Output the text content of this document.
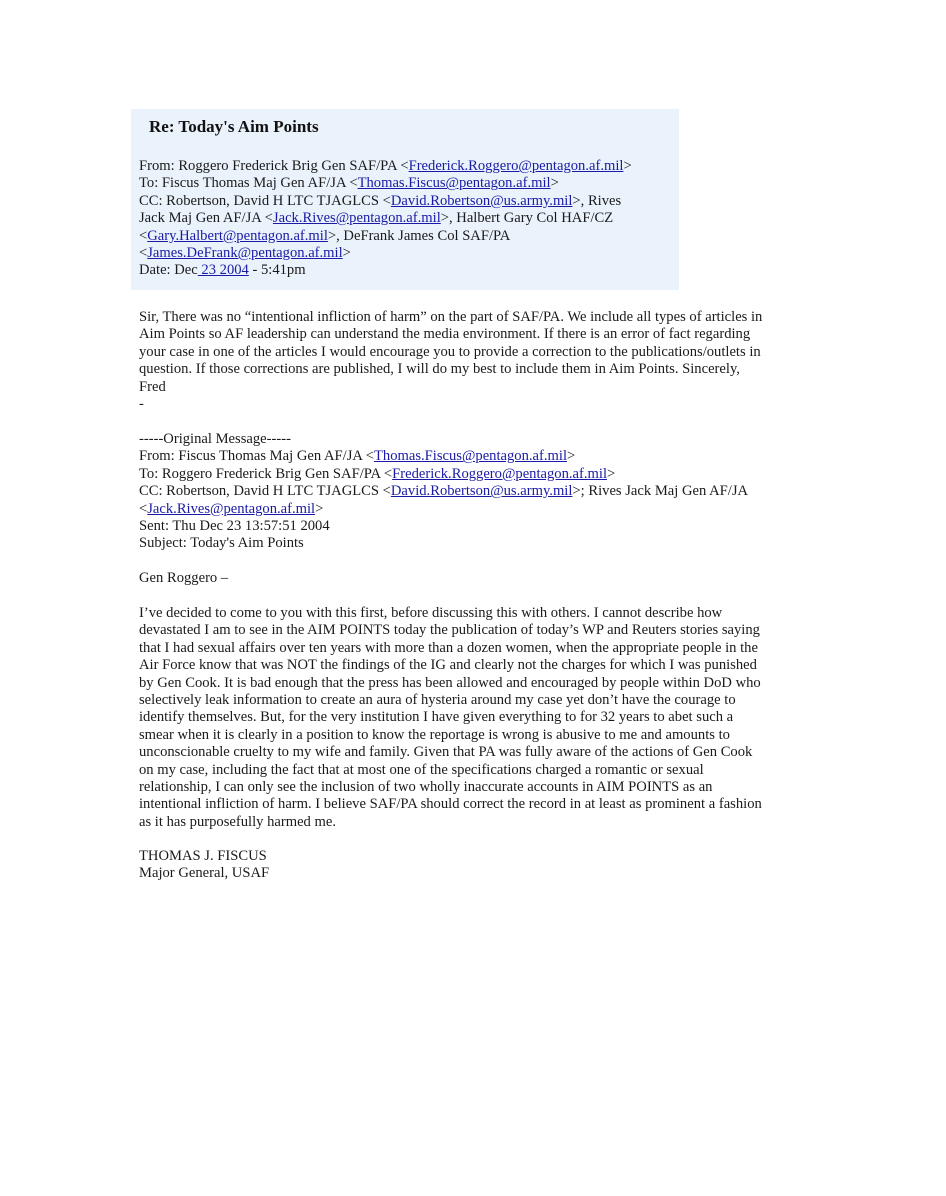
Re: Today's Aim Points
From: Roggero Frederick Brig Gen SAF/PA <Frederick.Roggero@pentagon.af.mil>
To: Fiscus Thomas Maj Gen AF/JA <Thomas.Fiscus@pentagon.af.mil>
CC: Robertson, David H LTC TJAGLCS <David.Robertson@us.army.mil>, Rives
Jack Maj Gen AF/JA <Jack.Rives@pentagon.af.mil>, Halbert Gary Col HAF/CZ
<Gary.Halbert@pentagon.af.mil>, DeFrank James Col SAF/PA
<James.DeFrank@pentagon.af.mil>
Date: Dec 23 2004 - 5:41pm
Sir, There was no “intentional infliction of harm” on the part of SAF/PA. We include all types of articles in
Aim Points so AF leadership can understand the media environment. If there is an error of fact regarding
your case in one of the articles I would encourage you to provide a correction to the publications/outlets in
question. If those corrections are published, I will do my best to include them in Aim Points. Sincerely,
Fred
-
-----Original Message-----
From: Fiscus Thomas Maj Gen AF/JA <Thomas.Fiscus@pentagon.af.mil>
To: Roggero Frederick Brig Gen SAF/PA <Frederick.Roggero@pentagon.af.mil>
CC: Robertson, David H LTC TJAGLCS <David.Robertson@us.army.mil>; Rives Jack Maj Gen AF/JA
<Jack.Rives@pentagon.af.mil>
Sent: Thu Dec 23 13:57:51 2004
Subject: Today's Aim Points
Gen Roggero –
I’ve decided to come to you with this first, before discussing this with others. I cannot describe how
devastated I am to see in the AIM POINTS today the publication of today’s WP and Reuters stories saying
that I had sexual affairs over ten years with more than a dozen women, when the appropriate people in the
Air Force know that was NOT the findings of the IG and clearly not the charges for which I was punished
by Gen Cook. It is bad enough that the press has been allowed and encouraged by people within DoD who
selectively leak information to create an aura of hysteria around my case yet don’t have the courage to
identify themselves. But, for the very institution I have given everything to for 32 years to abet such a
smear when it is clearly in a position to know the reportage is wrong is abusive to me and amounts to
unconscionable cruelty to my wife and family. Given that PA was fully aware of the actions of Gen Cook
on my case, including the fact that at most one of the specifications charged a romantic or sexual
relationship, I can only see the inclusion of two wholly inaccurate accounts in AIM POINTS as an
intentional infliction of harm. I believe SAF/PA should correct the record in at least as prominent a fashion
as it has purposefully harmed me.
THOMAS J. FISCUS
Major General, USAF
